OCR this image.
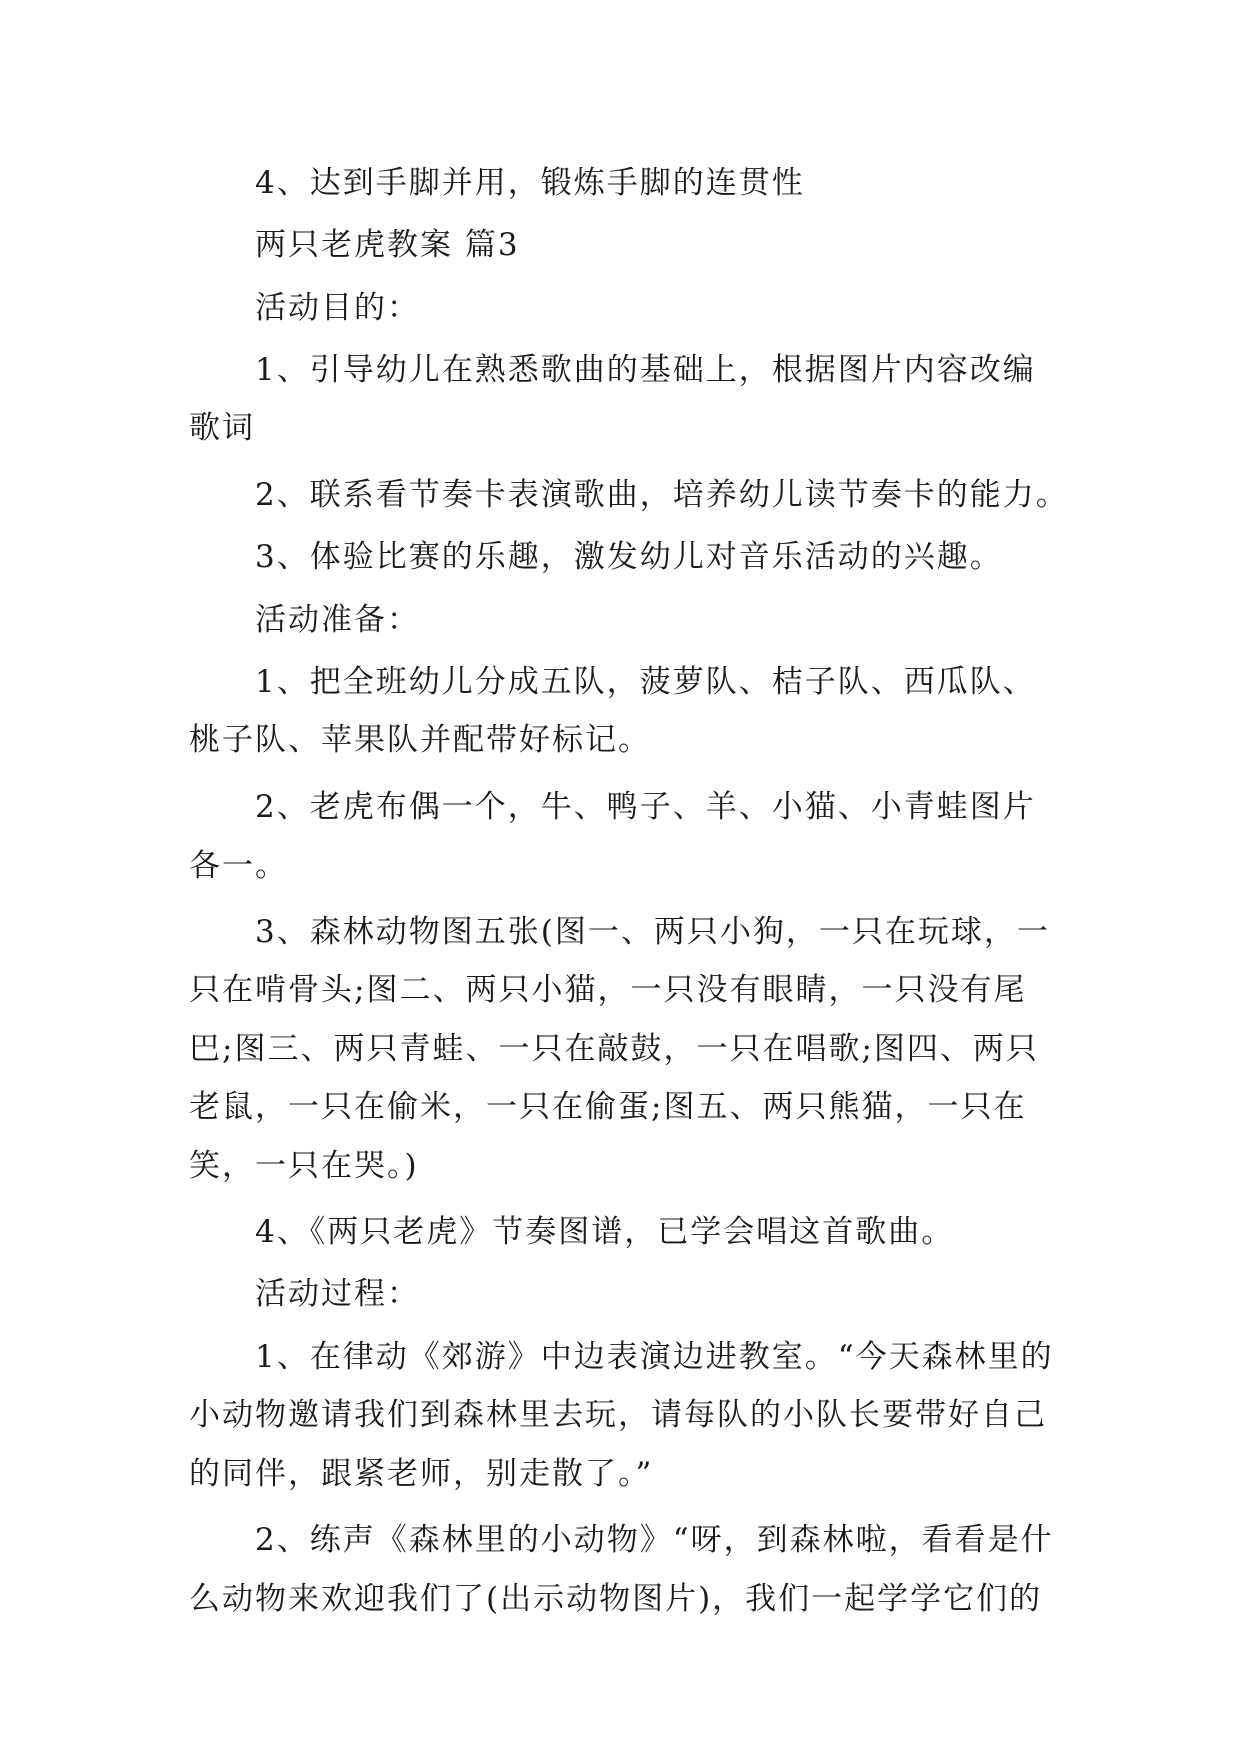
4、达到手脚并用，锻炼手脚的连贯性
两只老虎教案 篇3
活动目的：
1、引导幼儿在熟悉歌曲的基础上，根据图片内容改编
歌词
2、联系看节奏卡表演歌曲，培养幼儿读节奏卡的能力。
3、体验比赛的乐趣，激发幼儿对音乐活动的兴趣。
活动准备：
1、把全班幼儿分成五队，菠萝队、桔子队、西瓜队、
桃子队、苹果队并配带好标记。
2、老虎布偶一个，牛、鸭子、羊、小猫、小青蛙图片
各一。
3、森林动物图五张(图一、两只小狗，一只在玩球，一
只在啃骨头;图二、两只小猫，一只没有眼睛，一只没有尾
巴;图三、两只青蛙、一只在敲鼓，一只在唱歌;图四、两只
老鼠，一只在偷米，一只在偷蛋;图五、两只熊猫，一只在
笑，一只在哭。)
4、《两只老虎》节奏图谱，已学会唱这首歌曲。
活动过程：
1、在律动《郊游》中边表演边进教室。“今天森林里的
小动物邀请我们到森林里去玩，请每队的小队长要带好自己
的同伴，跟紧老师，别走散了。”
2、练声《森林里的小动物》“呀，到森林啦，看看是什
么动物来欢迎我们了(出示动物图片)，我们一起学学它们的
